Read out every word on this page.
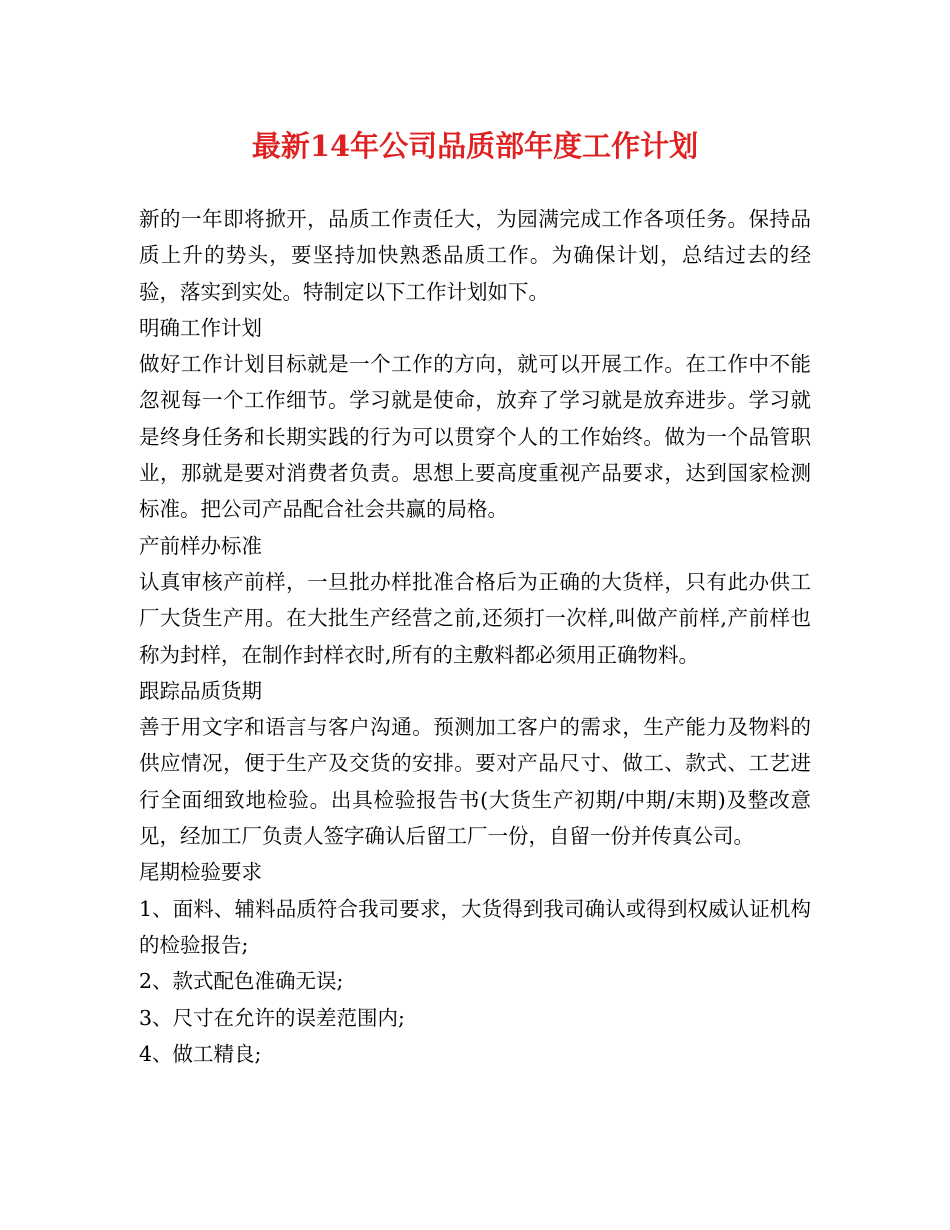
最新14年公司品质部年度工作计划

新的一年即将掀开，品质工作责任大，为园满完成工作各项任务。保持品质上升的势头，要坚持加快熟悉品质工作。为确保计划，总结过去的经验，落实到实处。特制定以下工作计划如下。

明确工作计划

做好工作计划目标就是一个工作的方向，就可以开展工作。在工作中不能忽视每一个工作细节。学习就是使命，放弃了学习就是放弃进步。学习就是终身任务和长期实践的行为可以贯穿个人的工作始终。做为一个品管职业，那就是要对消费者负责。思想上要高度重视产品要求，达到国家检测标准。把公司产品配合社会共赢的局格。

产前样办标准

认真审核产前样，一旦批办样批准合格后为正确的大货样，只有此办供工厂大货生产用。在大批生产经营之前,还须打一次样,叫做产前样,产前样也称为封样，在制作封样衣时,所有的主敷料都必须用正确物料。

跟踪品质货期

善于用文字和语言与客户沟通。预测加工客户的需求，生产能力及物料的供应情况，便于生产及交货的安排。要对产品尺寸、做工、款式、工艺进行全面细致地检验。出具检验报告书(大货生产初期/中期/末期)及整改意见，经加工厂负责人签字确认后留工厂一份，自留一份并传真公司。

尾期检验要求

1、面料、辅料品质符合我司要求，大货得到我司确认或得到权威认证机构的检验报告;

2、款式配色准确无误;

3、尺寸在允许的误差范围内;

4、做工精良;
